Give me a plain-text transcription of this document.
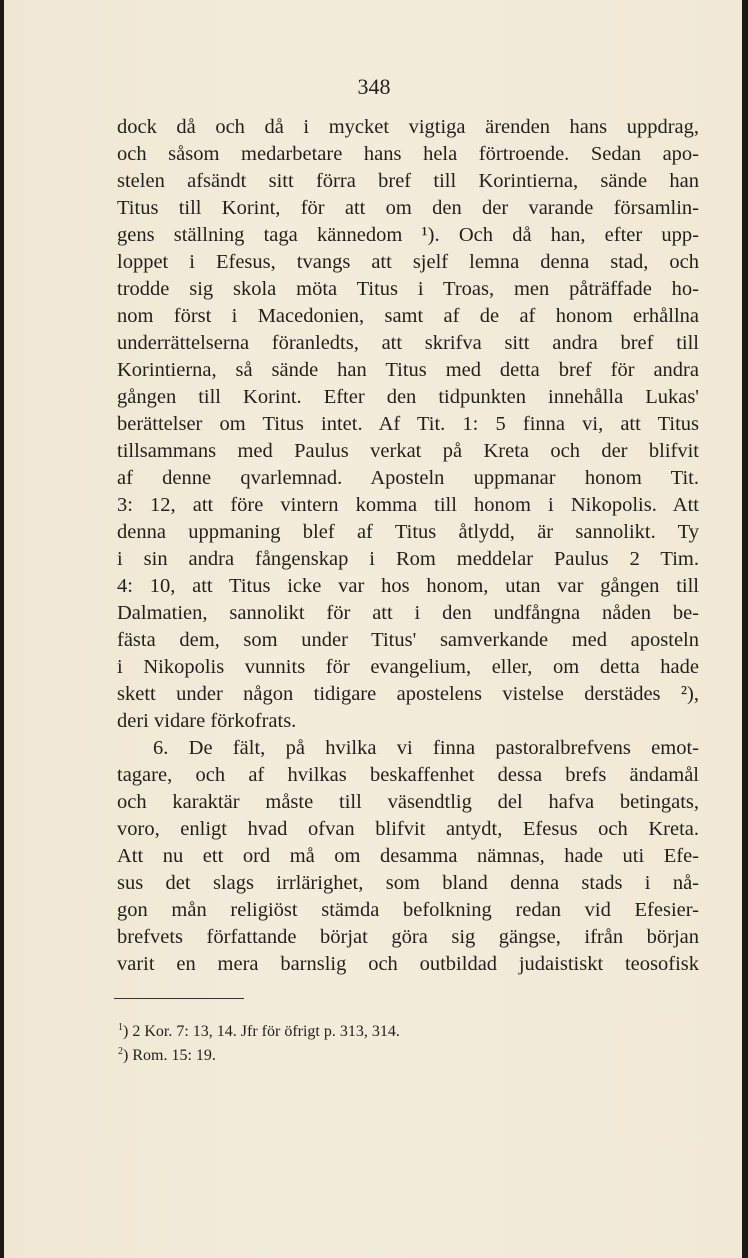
348
dock då och då i mycket vigtiga ärenden hans uppdrag,
och såsom medarbetare hans hela förtroende. Sedan apo-
stelen afsändt sitt förra bref till Korintierna, sände han
Titus till Korint, för att om den der varande församlin-
gens ställning taga kännedom ¹). Och då han, efter upp-
loppet i Efesus, tvangs att sjelf lemna denna stad, och
trodde sig skola möta Titus i Troas, men påträffade ho-
nom först i Macedonien, samt af de af honom erhållna
underrättelserna föranledts, att skrifva sitt andra bref till
Korintierna, så sände han Titus med detta bref för andra
gången till Korint. Efter den tidpunkten innehålla Lukas'
berättelser om Titus intet. Af Tit. 1: 5 finna vi, att Titus
tillsammans med Paulus verkat på Kreta och der blifvit
af denne qvarlemnad. Aposteln uppmanar honom Tit.
3: 12, att före vintern komma till honom i Nikopolis. Att
denna uppmaning blef af Titus åtlydd, är sannolikt. Ty
i sin andra fångenskap i Rom meddelar Paulus 2 Tim.
4: 10, att Titus icke var hos honom, utan var gången till
Dalmatien, sannolikt för att i den undfångna nåden be-
fästa dem, som under Titus' samverkande med aposteln
i Nikopolis vunnits för evangelium, eller, om detta hade
skett under någon tidigare apostelens vistelse derstädes ²),
deri vidare förkofrats.
6. De fält, på hvilka vi finna pastoralbrefvens emot-
tagare, och af hvilkas beskaffenhet dessa brefs ändamål
och karaktär måste till väsendtlig del hafva betingats,
voro, enligt hvad ofvan blifvit antydt, Efesus och Kreta.
Att nu ett ord må om desamma nämnas, hade uti Efe-
sus det slags irrlärighet, som bland denna stads i nå-
gon mån religiöst stämda befolkning redan vid Efesier-
brefvets författande börjat göra sig gängse, ifrån början
varit en mera barnslig och outbildad judaistiskt teosofisk
$^1$) 2 Kor. 7: 13, 14. Jfr för öfrigt p. 313, 314.
$^2$) Rom. 15: 19.
